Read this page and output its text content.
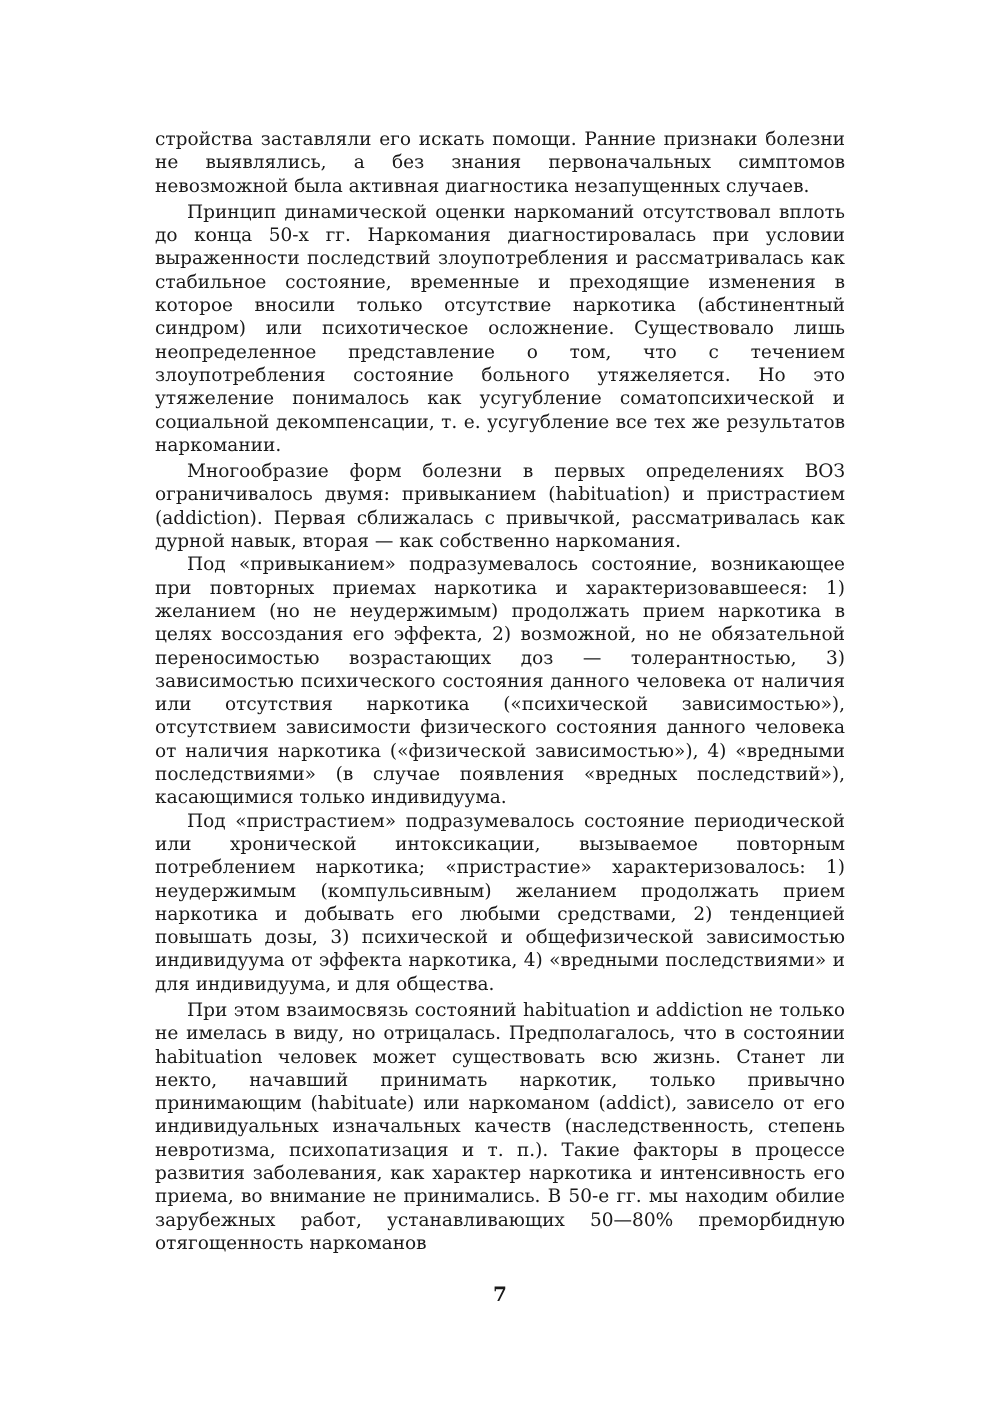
стройства заставляли его искать помощи. Ранние признаки болезни не выявлялись, а без знания первоначальных симптомов невозможной была активная диагностика незапущенных случаев.

Принцип динамической оценки наркоманий отсутствовал вплоть до конца 50-х гг. Наркомания диагностировалась при условии выраженности последствий злоупотребления и рассматривалась как стабильное состояние, временные и преходящие изменения в которое вносили только отсутствие наркотика (абстинентный синдром) или психотическое осложнение. Существовало лишь неопределенное представление о том, что с течением злоупотребления состояние больного утяжеляется. Но это утяжеление понималось как усугубление соматопсихической и социальной декомпенсации, т. е. усугубление все тех же результатов наркомании.

Многообразие форм болезни в первых определениях ВОЗ ограничивалось двумя: привыканием (habituation) и пристрастием (addiction). Первая сближалась с привычкой, рассматривалась как дурной навык, вторая — как собственно наркомания.

Под «привыканием» подразумевалось состояние, возникающее при повторных приемах наркотика и характеризовавшееся: 1) желанием (но не неудержимым) продолжать прием наркотика в целях воссоздания его эффекта, 2) возможной, но не обязательной переносимостью возрастающих доз — толерантностью, 3) зависимостью психического состояния данного человека от наличия или отсутствия наркотика («психической зависимостью»), отсутствием зависимости физического состояния данного человека от наличия наркотика («физической зависимостью»), 4) «вредными последствиями» (в случае появления «вредных последствий»), касающимися только индивидуума.

Под «пристрастием» подразумевалось состояние периодической или хронической интоксикации, вызываемое повторным потреблением наркотика; «пристрастие» характеризовалось: 1) неудержимым (компульсивным) желанием продолжать прием наркотика и добывать его любыми средствами, 2) тенденцией повышать дозы, 3) психической и общефизической зависимостью индивидуума от эффекта наркотика, 4) «вредными последствиями» и для индивидуума, и для общества.

При этом взаимосвязь состояний habituation и addiction не только не имелась в виду, но отрицалась. Предполагалось, что в состоянии habituation человек может существовать всю жизнь. Станет ли некто, начавший принимать наркотик, только привычно принимающим (habituate) или наркоманом (addict), зависело от его индивидуальных изначальных качеств (наследственность, степень невротизма, психопатизация и т. п.). Такие факторы в процессе развития заболевания, как характер наркотика и интенсивность его приема, во внимание не принимались. В 50-е гг. мы находим обилие зарубежных работ, устанавливающих 50—80% преморбидную отягощенность наркоманов

7
